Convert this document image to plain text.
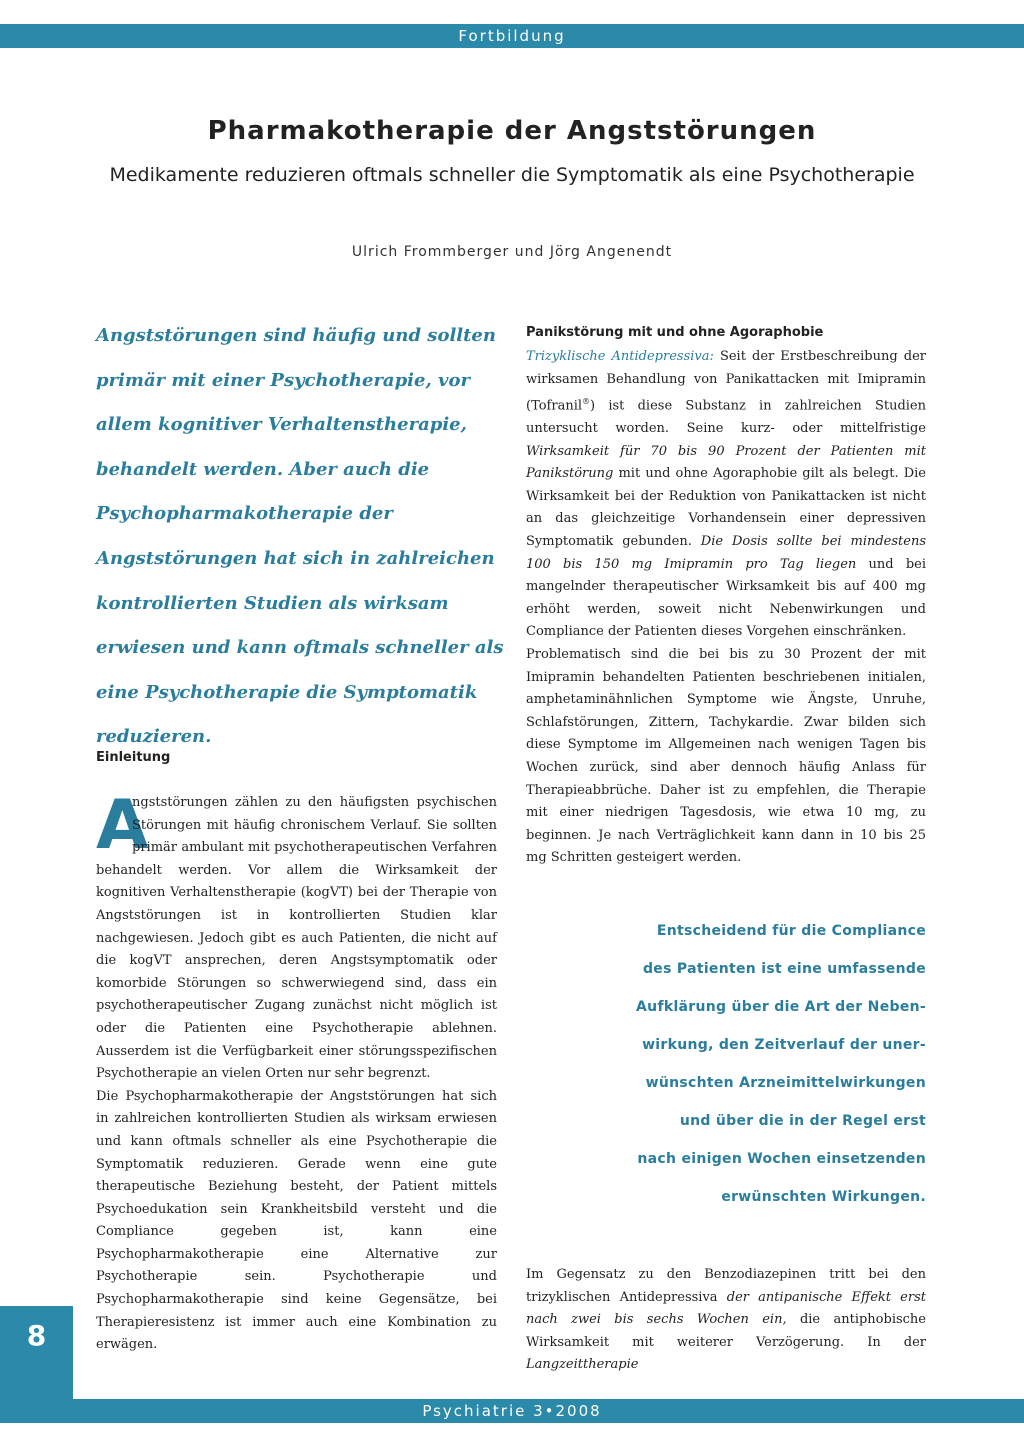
Fortbildung
Pharmakotherapie der Angststörungen
Medikamente reduzieren oftmals schneller die Symptomatik als eine Psychotherapie
Ulrich Frommberger und Jörg Angenendt
Angststörungen sind häufig und sollten primär mit einer Psychotherapie, vor allem kognitiver Verhaltenstherapie, behandelt werden. Aber auch die Psychopharmakotherapie der Angststörungen hat sich in zahlreichen kontrollierten Studien als wirksam erwiesen und kann oftmals schneller als eine Psychotherapie die Symptomatik reduzieren.
Einleitung

A
ngststörungen zählen zu den häufigsten psychischen Störungen mit häufig chronischem Verlauf. Sie sollten primär ambulant mit psychotherapeutischen Verfahren behandelt werden. Vor allem die Wirksamkeit der kognitiven Verhaltenstherapie (kogVT) bei der Therapie von Angststörungen ist in kontrollierten Studien klar nachgewiesen. Jedoch gibt es auch Patienten, die nicht auf die kogVT ansprechen, deren Angstsymptomatik oder komorbide Störungen so schwerwiegend sind, dass ein psychotherapeutischer Zugang zunächst nicht möglich ist oder die Patienten eine Psychotherapie ablehnen. Ausserdem ist die Verfügbarkeit einer störungsspezifischen Psychotherapie an vielen Orten nur sehr begrenzt.

Die Psychopharmakotherapie der Angststörungen hat sich in zahlreichen kontrollierten Studien als wirksam erwiesen und kann oftmals schneller als eine Psychotherapie die Symptomatik reduzieren. Gerade wenn eine gute therapeutische Beziehung besteht, der Patient mittels Psychoedukation sein Krankheitsbild versteht und die Compliance gegeben ist, kann eine Psychopharmakotherapie eine Alternative zur Psychotherapie sein. Psychotherapie und Psychopharmakotherapie sind keine Gegensätze, bei Therapieresistenz ist immer auch eine Kombination zu erwägen.

Panikstörung mit und ohne Agoraphobie

Trizyklische Antidepressiva: Seit der Erstbeschreibung der wirksamen Behandlung von Panikattacken mit Imipramin (Tofranil®) ist diese Substanz in zahlreichen Studien untersucht worden. Seine kurz- oder mittelfristige Wirksamkeit für 70 bis 90 Prozent der Patienten mit Panikstörung mit und ohne Agoraphobie gilt als belegt. Die Wirksamkeit bei der Reduktion von Panikattacken ist nicht an das gleichzeitige Vorhandensein einer depressiven Symptomatik gebunden. Die Dosis sollte bei mindestens 100 bis 150 mg Imipramin pro Tag liegen und bei mangelnder therapeutischer Wirksamkeit bis auf 400 mg erhöht werden, soweit nicht Nebenwirkungen und Compliance der Patienten dieses Vorgehen einschränken.

Problematisch sind die bei bis zu 30 Prozent der mit Imipramin behandelten Patienten beschriebenen initialen, amphetaminähnlichen Symptome wie Ängste, Unruhe, Schlafstörungen, Zittern, Tachykardie. Zwar bilden sich diese Symptome im Allgemeinen nach wenigen Tagen bis Wochen zurück, sind aber dennoch häufig Anlass für Therapieabbrüche. Daher ist zu empfehlen, die Therapie mit einer niedrigen Tagesdosis, wie etwa 10 mg, zu beginnen. Je nach Verträglichkeit kann dann in 10 bis 25 mg Schritten gesteigert werden.

Entscheidend für die Compliance
des Patienten ist eine umfassende
Aufklärung über die Art der Neben-
wirkung, den Zeitverlauf der uner-
wünschten Arzneimittelwirkungen
und über die in der Regel erst
nach einigen Wochen einsetzenden
erwünschten Wirkungen.

Im Gegensatz zu den Benzodiazepinen tritt bei den trizyklischen Antidepressiva der antipanische Effekt erst nach zwei bis sechs Wochen ein, die antiphobische Wirksamkeit mit weiterer Verzögerung. In der Langzeittherapie

8
Psychiatrie 3•2008
